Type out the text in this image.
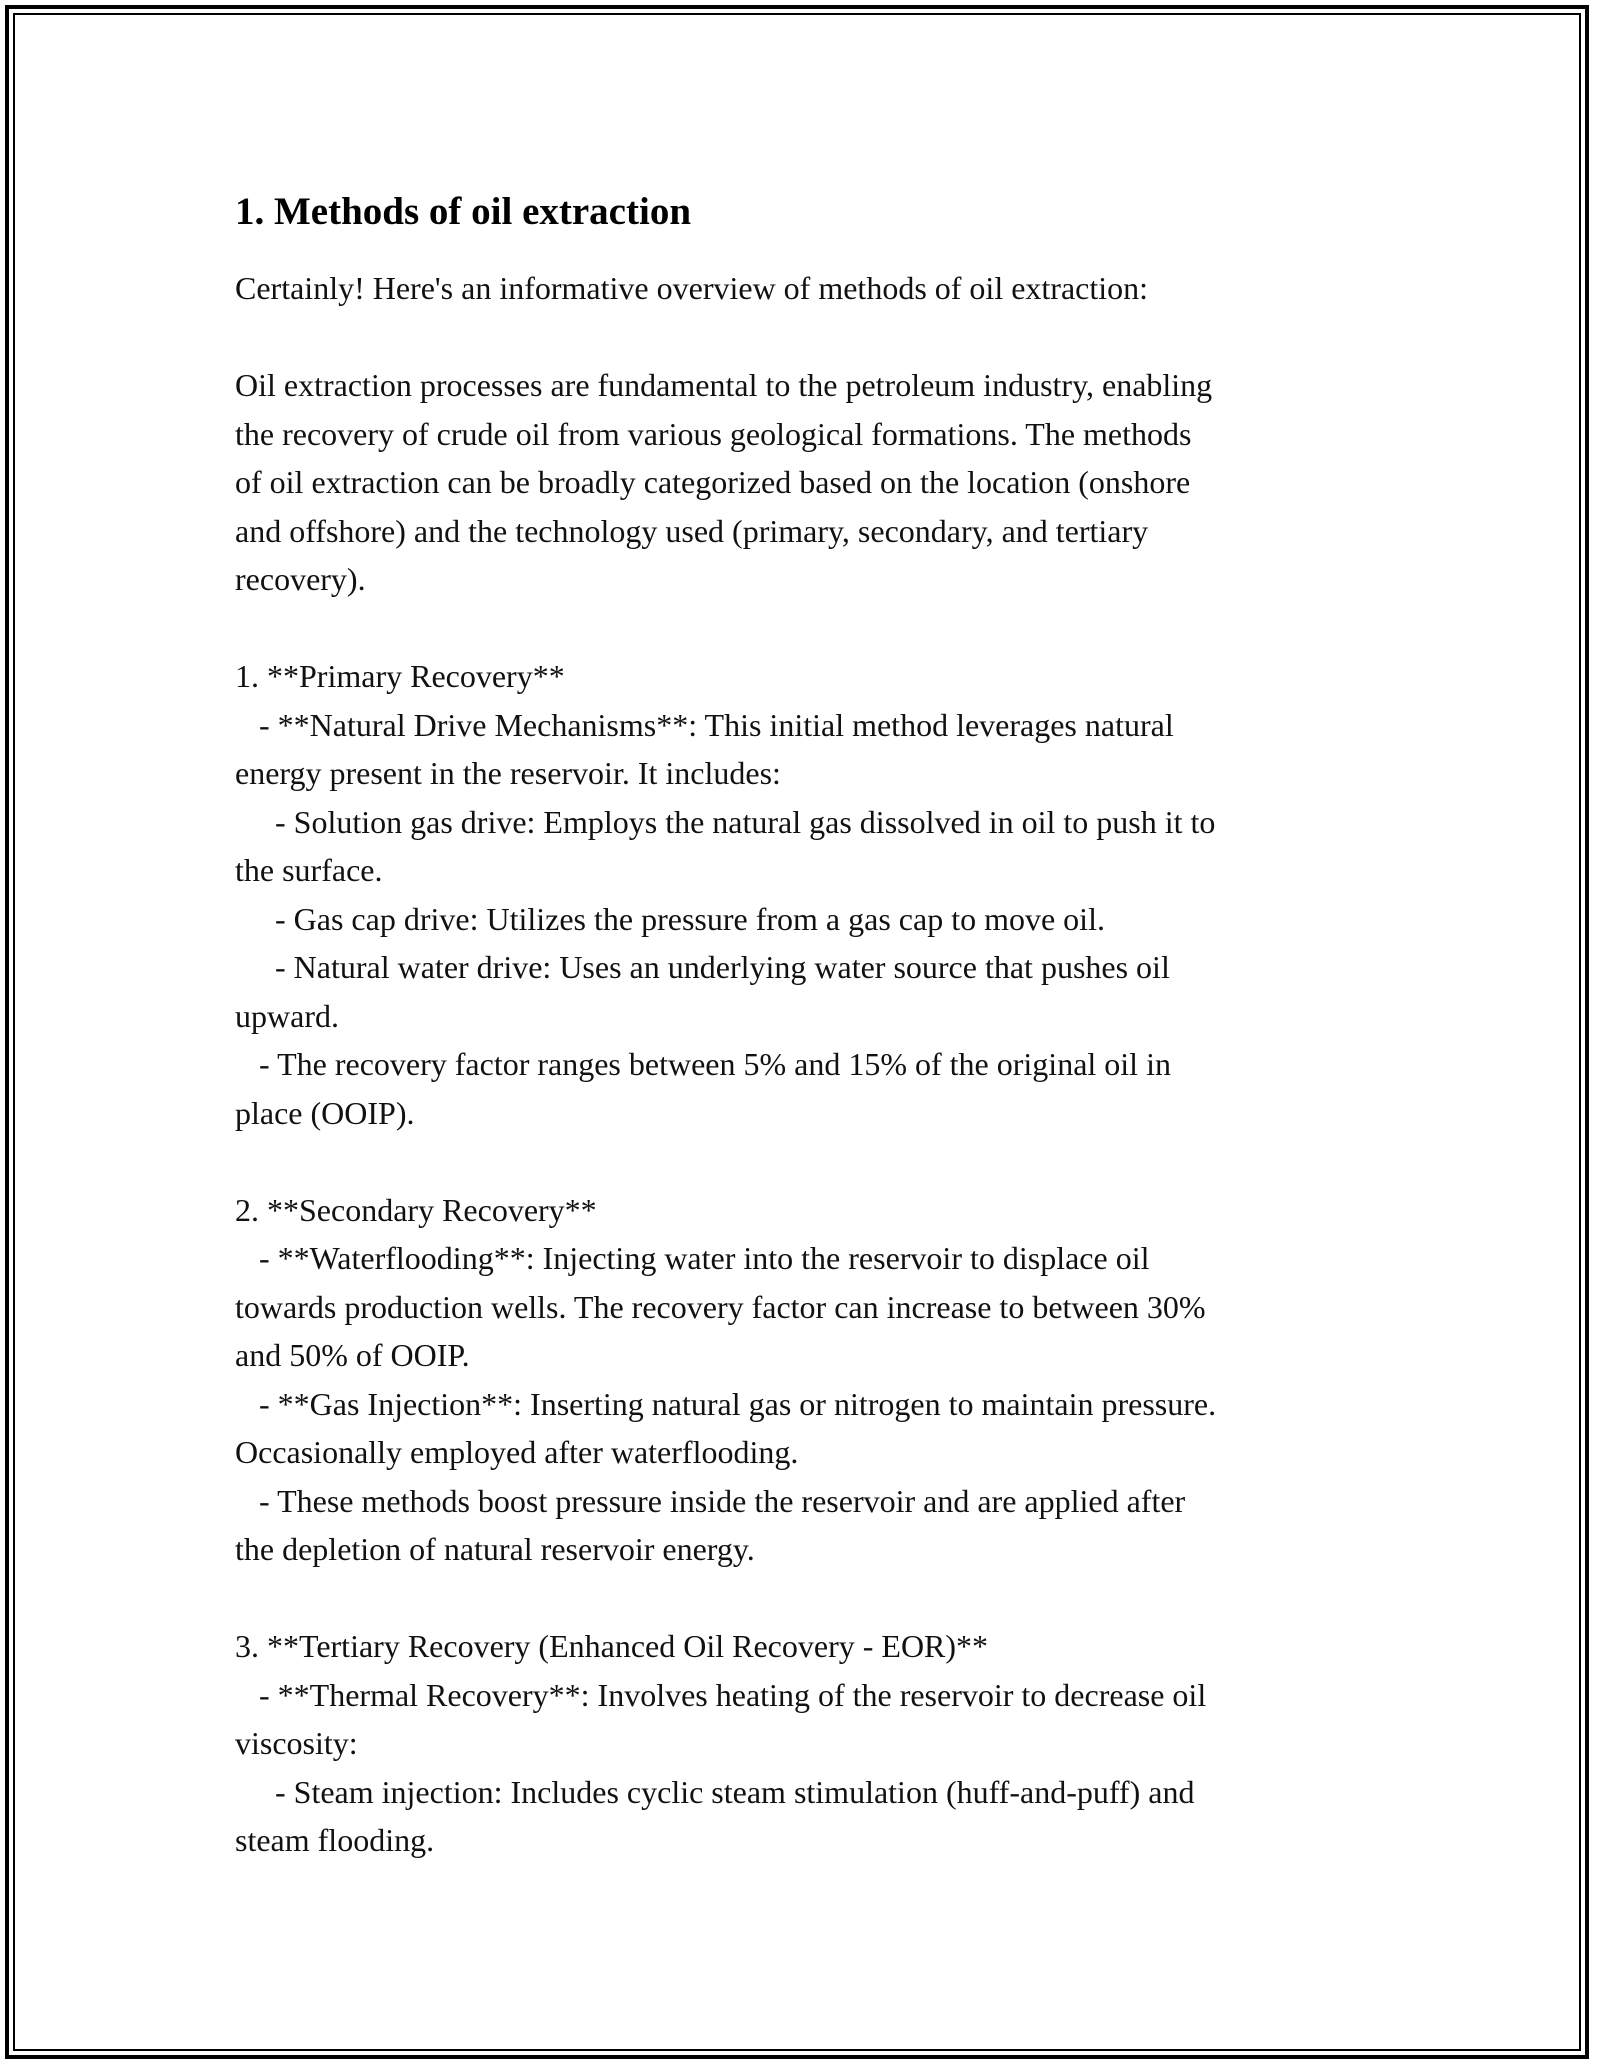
1. Methods of oil extraction

Certainly! Here's an informative overview of methods of oil extraction:

Oil extraction processes are fundamental to the petroleum industry, enabling
the recovery of crude oil from various geological formations. The methods
of oil extraction can be broadly categorized based on the location (onshore
and offshore) and the technology used (primary, secondary, and tertiary
recovery).

1. **Primary Recovery**
- **Natural Drive Mechanisms**: This initial method leverages natural
energy present in the reservoir. It includes:
- Solution gas drive: Employs the natural gas dissolved in oil to push it to
the surface.
- Gas cap drive: Utilizes the pressure from a gas cap to move oil.
- Natural water drive: Uses an underlying water source that pushes oil
upward.
- The recovery factor ranges between 5% and 15% of the original oil in
place (OOIP).

2. **Secondary Recovery**
- **Waterflooding**: Injecting water into the reservoir to displace oil
towards production wells. The recovery factor can increase to between 30%
and 50% of OOIP.
- **Gas Injection**: Inserting natural gas or nitrogen to maintain pressure.
Occasionally employed after waterflooding.
- These methods boost pressure inside the reservoir and are applied after
the depletion of natural reservoir energy.

3. **Tertiary Recovery (Enhanced Oil Recovery - EOR)**
- **Thermal Recovery**: Involves heating of the reservoir to decrease oil
viscosity:
- Steam injection: Includes cyclic steam stimulation (huff-and-puff) and
steam flooding.
